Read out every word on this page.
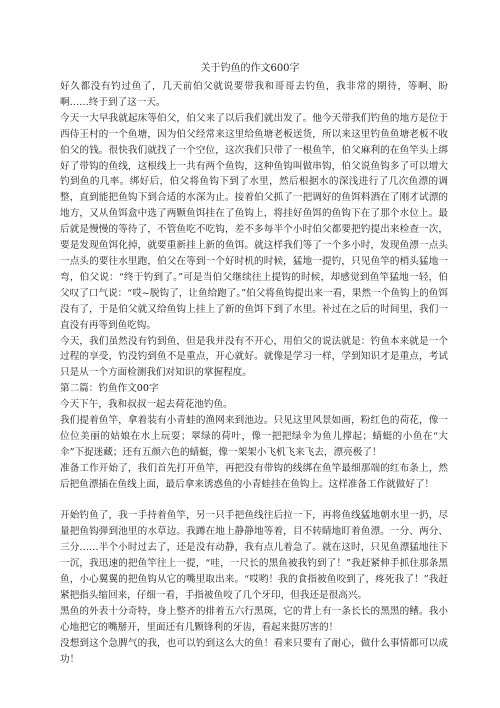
关于钓鱼的作文600字

好久都没有钓过鱼了，几天前伯父就说要带我和哥哥去钓鱼，我非常的期待，等啊、盼啊……终于到了这一天。

今天一大早我就起床等伯父，伯父来了以后我们就出发了。他今天带我们钓鱼的地方是位于西侍王村的一个鱼塘，因为伯父经常来这里给鱼塘老板送货，所以来这里钓鱼鱼塘老板不收伯父的钱。很快我们就找了一个空位，这次我们只带了一根鱼竿，伯父麻利的在鱼竿头上绑好了带钩的鱼线，这根线上一共有两个鱼钩，这种鱼钩叫做串钩，伯父说鱼钩多了可以增大钓到鱼的几率。绑好后，伯父将鱼钩下到了水里，然后根据水的深浅进行了几次鱼漂的调整，直到能把鱼钩下到合适的水深为止。接着伯父抓了一把调好的鱼饵料洒在了刚才试漂的地方，又从鱼饵盒中选了两颗鱼饵挂在了鱼钩上，将挂好鱼饵的鱼钩下在了那个水位上。最后就是慢慢的等待了，不管鱼吃不吃钩，差不多每半个小时伯父都要把钓提出来检查一次，要是发现鱼饵化掉，就要重新挂上新的鱼饵。就这样我们等了一个多小时，发现鱼漂一点头一点头的要往水里跑，伯父在等到一个好时机的时候，猛地一提钓，只见鱼竿的梢头猛地一弯，伯父说：“终于钓到了。”可是当伯父继续往上提钩的时候，却感觉到鱼竿猛地一轻，伯父叹了口气说：“哎~脱钩了，让鱼给跑了。”伯父将鱼钩提出来一看，果然一个鱼钩上的鱼饵没有了，于是伯父就又给鱼钩上挂上了新的鱼饵下到了水里。补过在之后的时间里，我们一直没有再等到鱼吃钩。

今天，我们虽然没有钓到鱼，但是我并没有不开心，用伯父的说法就是：钓鱼本来就是一个过程的享受，钓没钓到鱼不是重点，开心就好。就像是学习一样，学到知识才是重点，考试只是从一个方面检测我们对知识的掌握程度。

第二篇：钓鱼作文00字

今天下午，我和叔叔一起去荷花池钓鱼。

我们提着鱼竿，拿着装有小青蛙的渔网来到池边。只见这里风景如画，粉红色的荷花，像一位位美丽的姑娘在水上玩耍；翠绿的荷叶，像一把把绿伞为鱼儿撑起；蜻蜓的小鱼在“大伞”下捉迷藏；还有五颜六色的蜻蜓，像一架架小飞机飞来飞去，漂亮极了！

准备工作开始了，我们首先打开鱼竿，再把没有带钩的线绑在鱼竿最细那端的红布条上，然后把鱼漂插在鱼线上面，最后拿来诱惑鱼的小青蛙挂在鱼钩上。这样准备工作就做好了！

开始钓鱼了，我一手持着鱼竿，另一只手把鱼线往后拉一下，再将鱼线猛地朝水里一扔，尽量把鱼钩弹到池里的水草边。我蹲在地上静静地等着，目不转睛地盯着鱼漂。一分、两分、三分……半个小时过去了，还是没有动静，我有点儿着急了。就在这时，只见鱼漂猛地往下一沉，我迅速的把鱼竿往上一提，“哇，一尺长的黑鱼被我钓到了！”我赶紧伸手抓住那条黑鱼，小心翼翼的把鱼钩从它的嘴里取出来。“哎哟！我的食指被鱼咬到了，疼死我了！”我赶紧把指头缩回来，仔细一看，手指被鱼咬了几个牙印，但我还是很高兴。

黑鱼的外表十分奇特，身上整齐的排着五六行黑斑，它的背上有一条长长的黑黑的鳍。我小心地把它的嘴掰开，里面还有几颗锋利的牙齿，看起来挺厉害的！

没想到这个急脾气的我，也可以钓到这么大的鱼！看来只要有了耐心，做什么事情都可以成功！
